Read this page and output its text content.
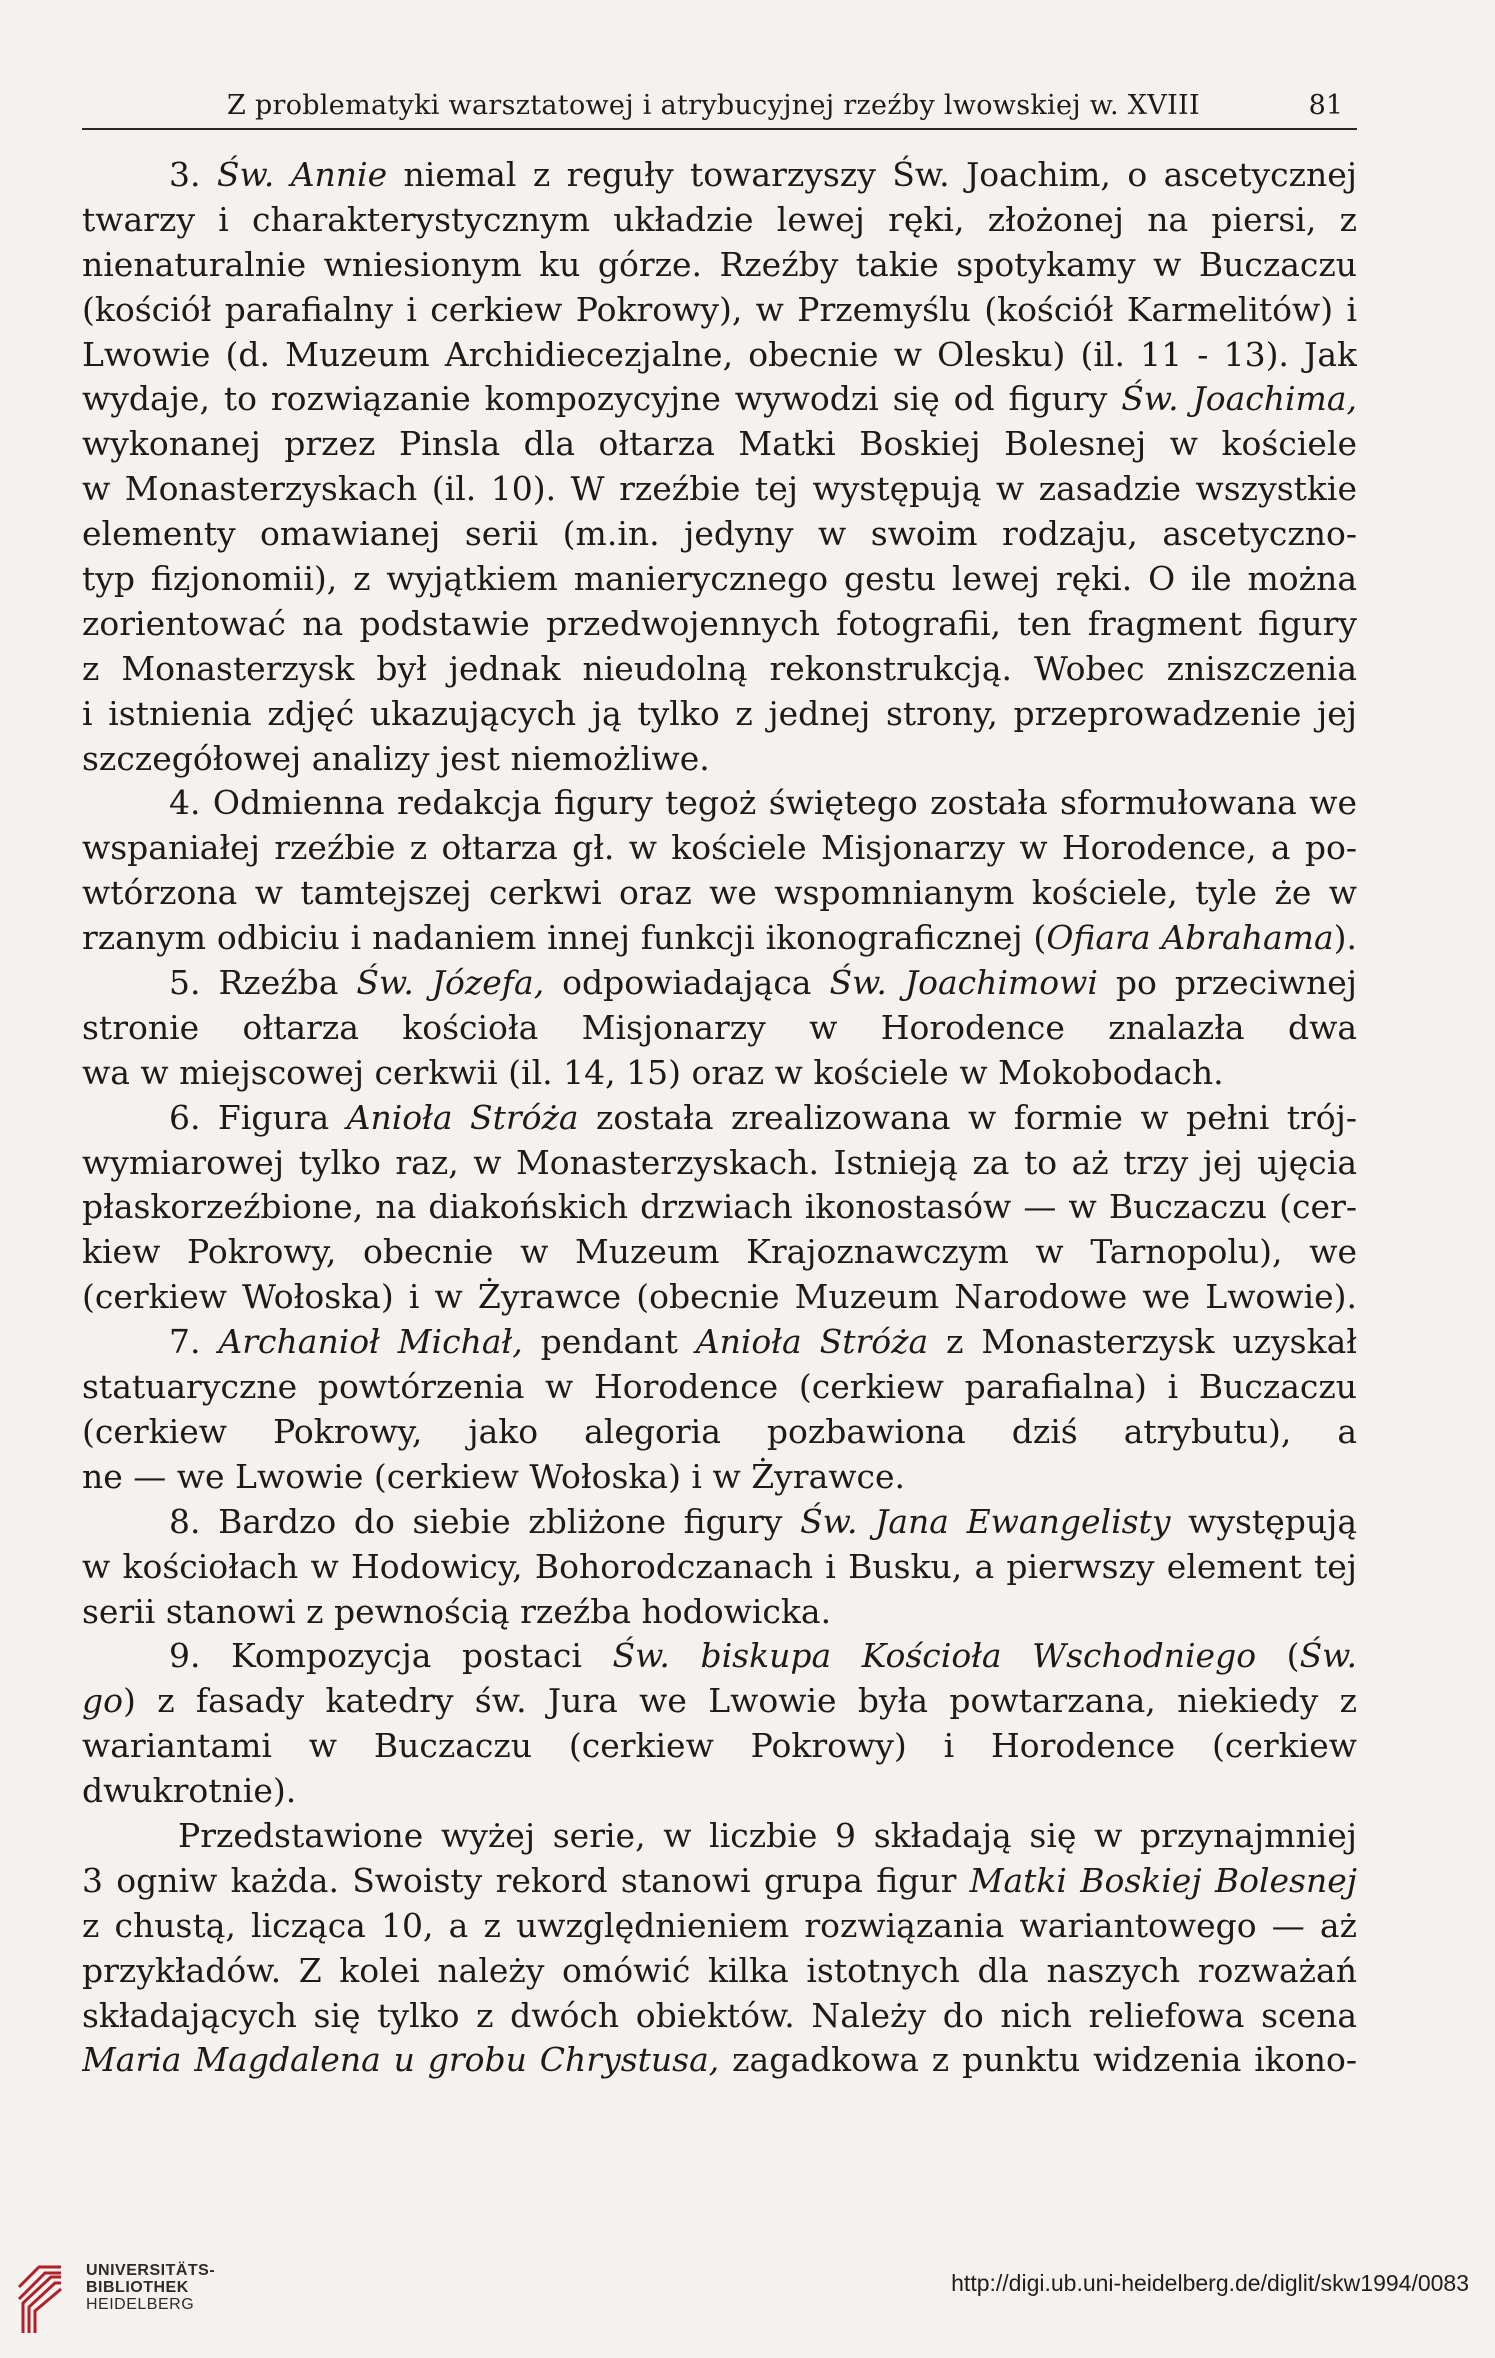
Z problematyki warsztatowej i atrybucyjnej rzeźby lwowskiej w. XVIII	81
3. Św. Annie niemal z reguły towarzyszy Św. Joachim, o ascetycznej
twarzy i charakterystycznym układzie lewej ręki, złożonej na piersi, z
nienaturalnie wniesionym ku górze. Rzeźby takie spotykamy w Buczaczu
(kościół parafialny i cerkiew Pokrowy), w Przemyślu (kościół Karmelitów) i
Lwowie (d. Muzeum Archidiecezjalne, obecnie w Olesku) (il. 11 - 13). Jak
wydaje, to rozwiązanie kompozycyjne wywodzi się od figury Św. Joachima,
wykonanej przez Pinsla dla ołtarza Matki Boskiej Bolesnej w kościele
w Monasterzyskach (il. 10). W rzeźbie tej występują w zasadzie wszystkie
elementy omawianej serii (m.in. jedyny w swoim rodzaju, ascetyczno-
typ fizjonomii), z wyjątkiem manierycznego gestu lewej ręki. O ile można
zorientować na podstawie przedwojennych fotografii, ten fragment figury
z Monasterzysk był jednak nieudolną rekonstrukcją. Wobec zniszczenia
i istnienia zdjęć ukazujących ją tylko z jednej strony, przeprowadzenie jej
szczegółowej analizy jest niemożliwe.
4. Odmienna redakcja figury tegoż świętego została sformułowana we
wspaniałej rzeźbie z ołtarza gł. w kościele Misjonarzy w Horodence, a po-
wtórzona w tamtejszej cerkwi oraz we wspomnianym kościele, tyle że w
rzanym odbiciu i nadaniem innej funkcji ikonograficznej (Ofiara Abrahama).
5. Rzeźba Św. Józefa, odpowiadająca Św. Joachimowi po przeciwnej
stronie ołtarza kościoła Misjonarzy w Horodence znalazła dwa
wa w miejscowej cerkwii (il. 14, 15) oraz w kościele w Mokobodach.
6. Figura Anioła Stróża została zrealizowana w formie w pełni trój-
wymiarowej tylko raz, w Monasterzyskach. Istnieją za to aż trzy jej ujęcia
płaskorzeźbione, na diakońskich drzwiach ikonostasów — w Buczaczu (cer-
kiew Pokrowy, obecnie w Muzeum Krajoznawczym w Tarnopolu), we
(cerkiew Wołoska) i w Żyrawce (obecnie Muzeum Narodowe we Lwowie).
7. Archanioł Michał, pendant Anioła Stróża z Monasterzysk uzyskał
statuaryczne powtórzenia w Horodence (cerkiew parafialna) i Buczaczu
(cerkiew Pokrowy, jako alegoria pozbawiona dziś atrybutu), a
ne — we Lwowie (cerkiew Wołoska) i w Żyrawce.
8. Bardzo do siebie zbliżone figury Św. Jana Ewangelisty występują
w kościołach w Hodowicy, Bohorodczanach i Busku, a pierwszy element tej
serii stanowi z pewnością rzeźba hodowicka.
9. Kompozycja postaci Św. biskupa Kościoła Wschodniego (Św.
go) z fasady katedry św. Jura we Lwowie była powtarzana, niekiedy z
wariantami w Buczaczu (cerkiew Pokrowy) i Horodence (cerkiew
dwukrotnie).
Przedstawione wyżej serie, w liczbie 9 składają się w przynajmniej
3 ogniw każda. Swoisty rekord stanowi grupa figur Matki Boskiej Bolesnej
z chustą, licząca 10, a z uwzględnieniem rozwiązania wariantowego — aż
przykładów. Z kolei należy omówić kilka istotnych dla naszych rozważań
składających się tylko z dwóch obiektów. Należy do nich reliefowa scena
Maria Magdalena u grobu Chrystusa, zagadkowa z punktu widzenia ikono-
UNIVERSITÄTS-
BIBLIOTHEK
HEIDELBERG
http://digi.ub.uni-heidelberg.de/diglit/skw1994/0083
